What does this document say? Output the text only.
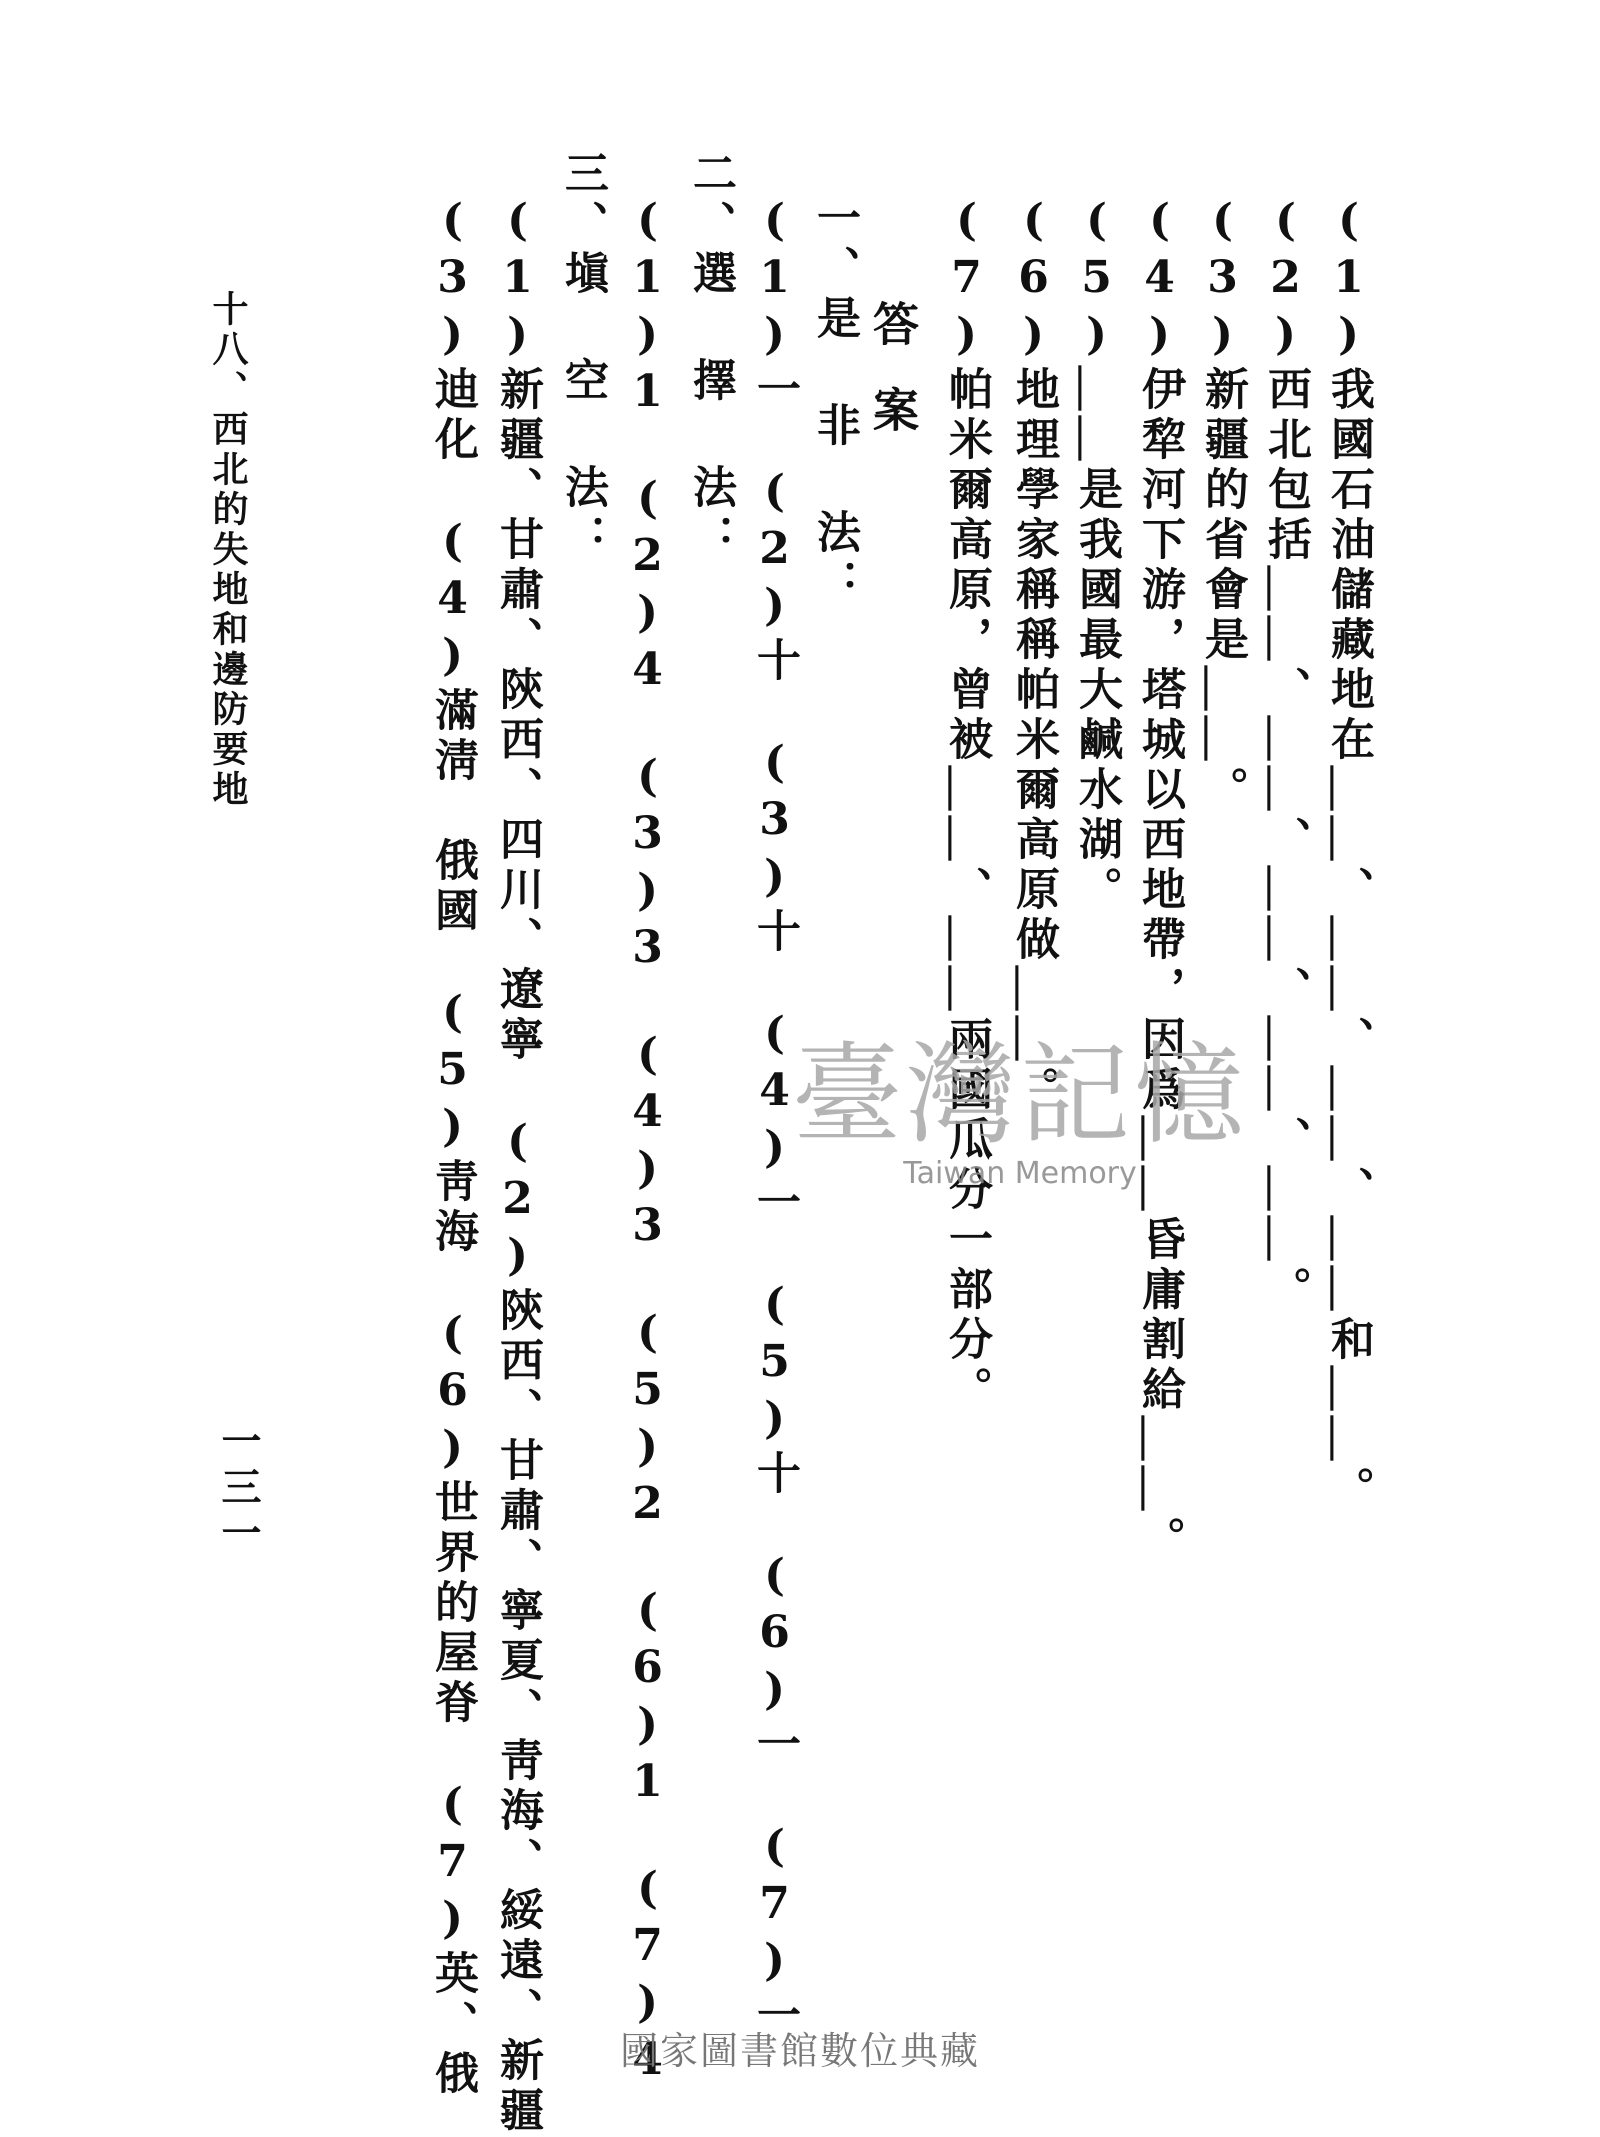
(1)我國石油儲藏地在＿＿、＿＿、＿＿、＿＿和＿＿。
(2)西北包括＿＿、＿＿、＿＿、＿＿、＿＿。
(3)新疆的省會是＿＿。
(4)伊犂河下游，塔城以西地帶，因爲＿＿昏庸割給＿＿。
(5)＿＿是我國最大鹹水湖。
(6)地理學家稱稱帕米爾高原做＿＿。
(7)帕米爾高原，曾被＿＿、＿＿兩國瓜分一部分。
答案
一、是 非 法：
(1)一　(2)十　(3)十　(4)一　(5)十　(6)一　(7)一
二、選 擇 法：
(1)1　(2)4　(3)3　(4)3　(5)2　(6)1　(7)4
三、塡 空 法：
(1)新疆、甘肅、陝西、四川、遼寧　(2)陝西、甘肅、寧夏、靑海、綏遠、新疆
(3)迪化　(4)滿淸　俄國　(5)靑海　(6)世界的屋脊　(7)英、俄
十八、西北的失地和邊防要地
一三一
臺灣記憶
Taiwan Memory
國家圖書館數位典藏
